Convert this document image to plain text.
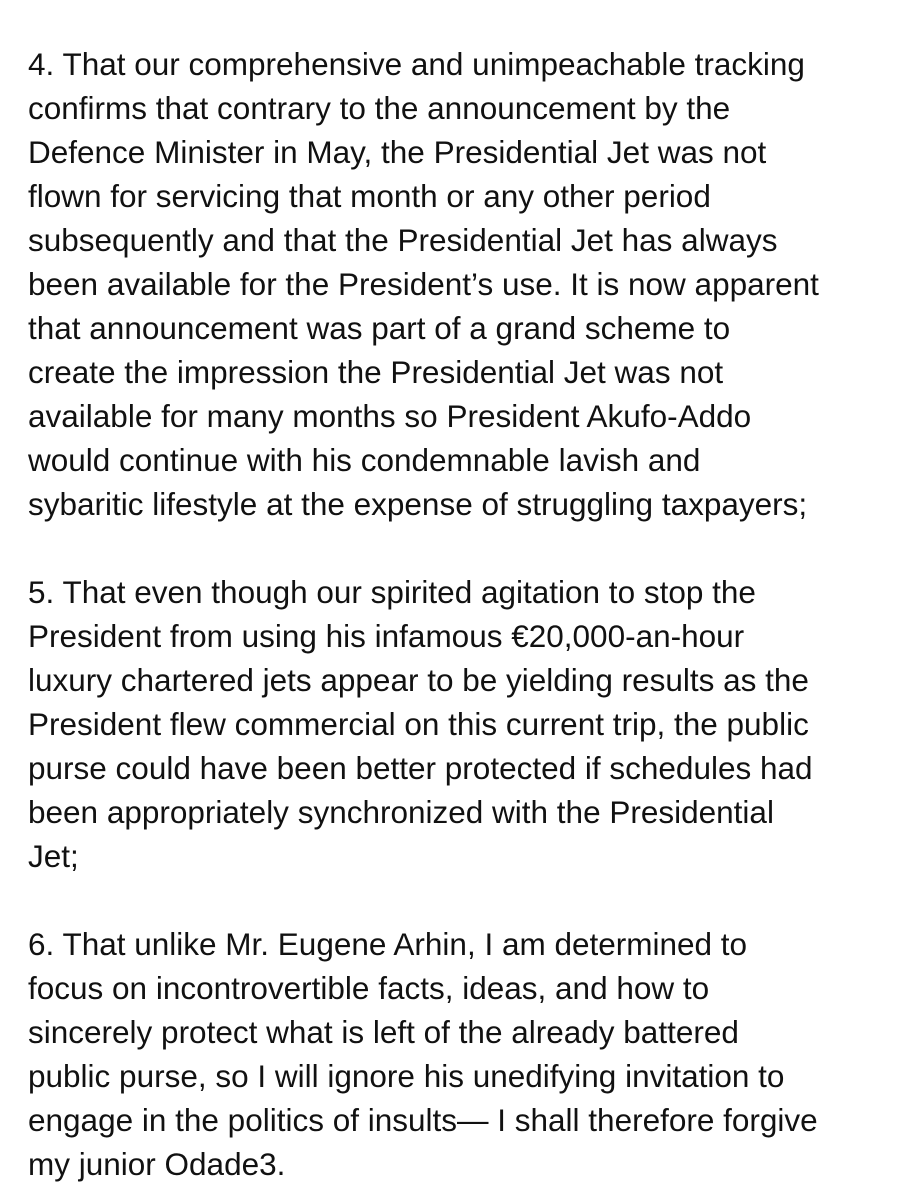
4. That our comprehensive and unimpeachable tracking
confirms that contrary to the announcement by the
Defence Minister in May, the Presidential Jet was not
flown for servicing that month or any other period
subsequently and that the Presidential Jet has always
been available for the President’s use. It is now apparent
that announcement was part of a grand scheme to
create the impression the Presidential Jet was not
available for many months so President Akufo-Addo
would continue with his condemnable lavish and
sybaritic lifestyle at the expense of struggling taxpayers;
5. That even though our spirited agitation to stop the
President from using his infamous €20,000-an-hour
luxury chartered jets appear to be yielding results as the
President flew commercial on this current trip, the public
purse could have been better protected if schedules had
been appropriately synchronized with the Presidential
Jet;
6. That unlike Mr. Eugene Arhin, I am determined to
focus on incontrovertible facts, ideas, and how to
sincerely protect what is left of the already battered
public purse, so I will ignore his unedifying invitation to
engage in the politics of insults— I shall therefore forgive
my junior Odade3.
